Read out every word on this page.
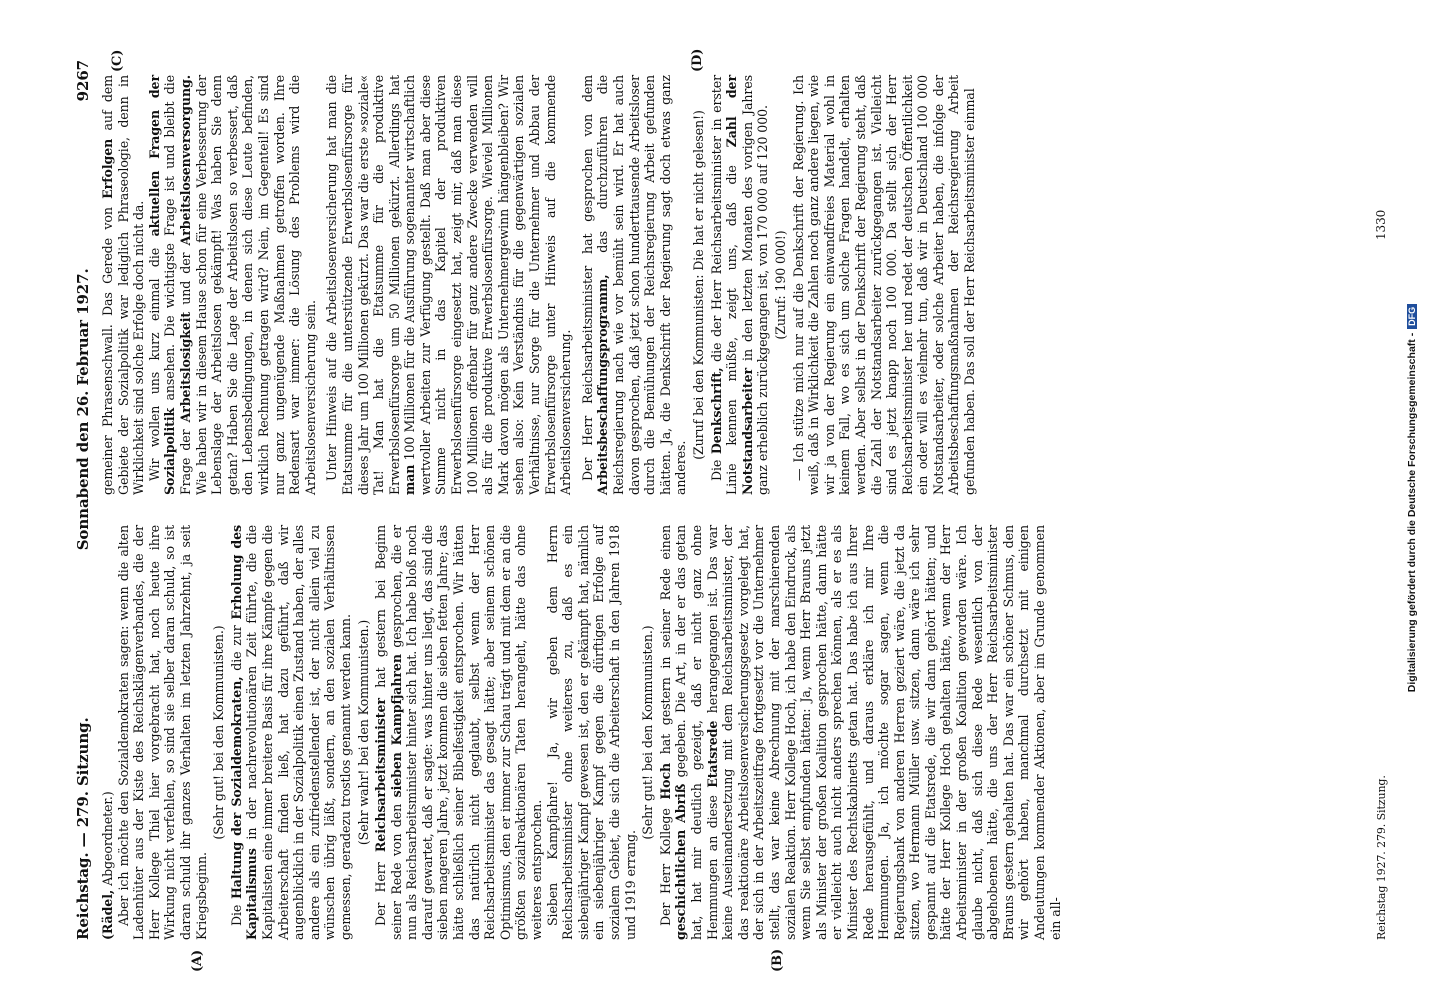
Reichstag. — 279. Sitzung.
Sonnabend den 26. Februar 1927.
9267

(Rädel, Abgeordneter.) Aber ich möchte den Sozialdemokraten sagen: wenn die alten Ladenhüter aus der Kiste des Reichsklägenverbandes, die der Herr Kollege Thiel hier vorgebracht hat, noch heute ihre Wirkung nicht verfehlen, so sind sie selber daran schuld, so ist daran schuld ihr ganzes Verhalten im letzten Jahrzehnt, ja seit Kriegsbeginn.

(Sehr gut! bei den Kommunisten.)

Die Haltung der Sozialdemokraten, die zur Erholung des Kapitalismus in der nachrevolutionären Zeit führte, die die Kapitalisten eine immer breitere Basis für ihre Kämpfe gegen die Arbeiterschaft finden ließ, hat dazu geführt, daß wir augenblicklich in der Sozialpolitik einen Zustand haben, der alles andere als ein zufriedenstellender ist, der nicht allein viel zu wünschen übrig läßt, sondern, an den sozialen Verhältnissen gemessen, geradezu trostlos genannt werden kann. (Sehr wahr! bei den Kommunisten.)

Der Herr Reichsarbeitsminister hat gestern bei Beginn seiner Rede von den sieben Kampfjahren gesprochen, die er nun als Reichsarbeitsminister hinter sich hat. Ich habe bloß noch darauf gewartet, daß er sagte: was hinter uns liegt, das sind die sieben mageren Jahre, jetzt kommen die sieben fetten Jahre; das hätte schließlich seiner Bibelfestigkeit entsprochen. Wir hätten das natürlich nicht geglaubt, selbst wenn der Herr Reichsarbeitsminister das gesagt hätte; aber seinem schönen Optimismus, den er immer zur Schau trägt und mit dem er an die größten sozialreaktionären Taten herangeht, hätte das ohne weiteres entsprochen. Sieben Kampfjahre! Ja, wir geben dem Herrn Reichsarbeitsminister ohne weiteres zu, daß es ein siebenjähriger Kampf gewesen ist, den er gekämpft hat, nämlich ein siebenjähriger Kampf gegen die dürftigen Erfolge auf sozialem Gebiet, die sich die Arbeiterschaft in den Jahren 1918 und 1919 errang.

(Sehr gut! bei den Kommunisten.)

Der Herr Kollege Hoch hat gestern in seiner Rede einen geschichtlichen Abriß gegeben. Die Art, in der er das getan hat, hat mir deutlich gezeigt, daß er nicht ganz ohne Hemmungen an diese Etatsrede herangegangen ist. Das war keine Auseinandersetzung mit dem Reichsarbeitsminister, der das reaktionäre Arbeitslosenversicherungsgesetz vorgelegt hat, der sich in der Arbeitszeitfrage fortgesetzt vor die Unternehmer stellt, das war keine Abrechnung mit der marschierenden sozialen Reaktion. Herr Kollege Hoch, ich habe den Eindruck, als wenn Sie selbst empfunden hätten: Ja, wenn Herr Brauns jetzt als Minister der großen Koalition gesprochen hätte, dann hätte er vielleicht auch nicht anders sprechen können, als er es als Minister des Rechtskabinetts getan hat. Das habe ich aus Ihrer Rede herausgefühlt, und daraus erkläre ich mir Ihre Hemmungen. Ja, ich möchte sogar sagen, wenn die Regierungsbank von anderen Herren geziert wäre, die jetzt da sitzen, wo Hermann Müller usw. sitzen, dann wäre ich sehr gespannt auf die Etatsrede, die wir dann gehört hätten; und hätte der Herr Kollege Hoch gehalten hätte, wenn der Herr Arbeitsminister in der großen Koalition geworden wäre. Ich glaube nicht, daß sich diese Rede wesentlich von der abgehobenen hätte, die uns der Herr Reichsarbeitsminister Brauns gestern gehalten hat. Das war ein schöner Schmus, den wir gehört haben, manchmal durchsetzt mit einigen Andeutungen kommender Aktionen, aber im Grunde genommen ein all-

gemeiner Phrasenschwall. Das Gerede von Erfolgen auf dem Gebiete der Sozialpolitik war lediglich Phraseologie, denn in Wirklichkeit sind solche Erfolge doch nicht da. Wir wollen uns kurz einmal die aktuellen Fragen der Sozialpolitik ansehen. Die wichtigste Frage ist und bleibt die Frage der Arbeitslosigkeit und der Arbeitslosenversorgung. Wie haben wir in diesem Hause schon für eine Verbesserung der Lebenslage der Arbeitslosen gekämpft! Was haben Sie denn getan? Haben Sie die Lage der Arbeitslosen so verbessert, daß den Lebensbedingungen, in denen sich diese Leute befinden, wirklich Rechnung getragen wird? Nein, im Gegenteil! Es sind nur ganz ungenügende Maßnahmen getroffen worden. Ihre Redensart war immer: die Lösung des Problems wird die Arbeitslosenversicherung sein. Unter Hinweis auf die Arbeitslosenversicherung hat man die Etatsumme für die unterstützende Erwerbslosenfürsorge für dieses Jahr um 100 Millionen gekürzt. Das war die erste »soziale« Tat! Man hat die Etatsumme für die produktive Erwerbslosenfürsorge um 50 Millionen gekürzt. Allerdings hat man 100 Millionen für die Ausführung sogenannter wirtschaftlich wertvoller Arbeiten zur Verfügung gestellt. Daß man aber diese Summe nicht in das Kapitel der produktiven Erwerbslosenfürsorge eingesetzt hat, zeigt mir, daß man diese 100 Millionen offenbar für ganz andere Zwecke verwenden will als für die produktive Erwerbslosenfürsorge. Wieviel Millionen Mark davon mögen als Unternehmergewinn hängenbleiben? Wir sehen also: Kein Verständnis für die gegenwärtigen sozialen Verhältnisse, nur Sorge für die Unternehmer und Abbau der Erwerbslosenfürsorge unter Hinweis auf die kommende Arbeitslosenversicherung. Der Herr Reichsarbeitsminister hat gesprochen von dem Arbeitsbeschaffungsprogramm, das durchzuführen die Reichsregierung nach wie vor bemüht sein wird. Er hat auch davon gesprochen, daß jetzt schon hunderttausende Arbeitsloser durch die Bemühungen der Reichsregierung Arbeit gefunden hätten. Ja, die Denkschrift der Regierung sagt doch etwas ganz anderes.

(Zuruf bei den Kommunisten: Die hat er nicht gelesen!)

Die Denkschrift, die der Herr Reichsarbeitsminister in erster Linie kennen müßte, zeigt uns, daß die Zahl der Notstandsarbeiter in den letzten Monaten des vorigen Jahres ganz erheblich zurückgegangen ist, von 170 000 auf 120 000. (Zuruf: 190 000!) — Ich stütze mich nur auf die Denkschrift der Regierung. Ich weiß, daß in Wirklichkeit die Zahlen noch ganz andere liegen, wie wir ja von der Regierung ein einwandfreies Material wohl in keinem Fall, wo es sich um solche Fragen handelt, erhalten werden. Aber selbst in der Denkschrift der Regierung steht, daß die Zahl der Notstandsarbeiter zurückgegangen ist. Vielleicht sind es jetzt knapp noch 100 000. Da stellt sich der Herr Reichsarbeitsminister her und redet der deutschen Öffentlichkeit ein oder will es vielmehr tun, daß wir in Deutschland 100 000 Notstandsarbeiter, oder solche Arbeiter haben, die infolge der Arbeitsbeschaffungsmaßnahmen der Reichsregierung Arbeit gefunden haben. Das soll der Herr Reichsarbeitsminister einmal

(A)	(B)
(C)	(D)
Reichstag 1927. 279. Sitzung.
1330
Digitalisierung gefördert durch die Deutsche Forschungsgemeinschaft -DFG
